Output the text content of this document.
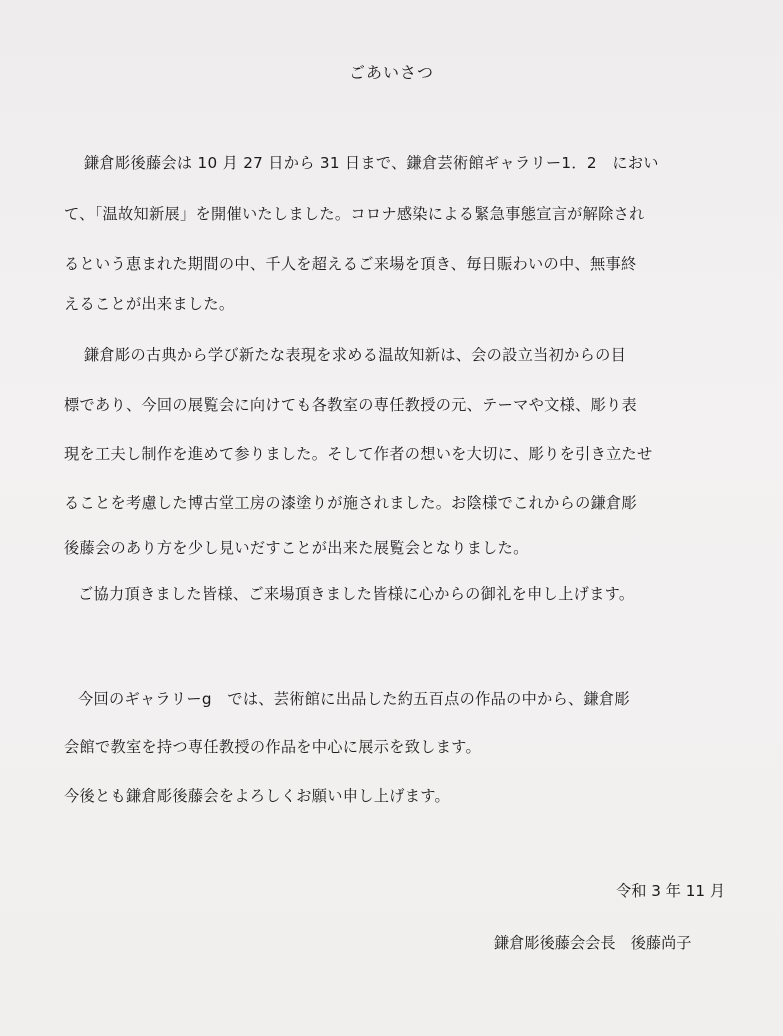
ごあいさつ
鎌倉彫後藤会は 10 月 27 日から 31 日まで、鎌倉芸術館ギャラリー1．2　におい
て、「温故知新展」を開催いたしました。コロナ感染による緊急事態宣言が解除され
るという恵まれた期間の中、千人を超えるご来場を頂き、毎日賑わいの中、無事終
えることが出来ました。
鎌倉彫の古典から学び新たな表現を求める温故知新は、会の設立当初からの目
標であり、今回の展覧会に向けても各教室の専任教授の元、テーマや文様、彫り表
現を工夫し制作を進めて参りました。そして作者の想いを大切に、彫りを引き立たせ
ることを考慮した博古堂工房の漆塗りが施されました。お陰様でこれからの鎌倉彫
後藤会のあり方を少し見いだすことが出来た展覧会となりました。
ご協力頂きました皆様、ご来場頂きました皆様に心からの御礼を申し上げます。
今回のギャラリーg　では、芸術館に出品した約五百点の作品の中から、鎌倉彫
会館で教室を持つ専任教授の作品を中心に展示を致します。
今後とも鎌倉彫後藤会をよろしくお願い申し上げます。
令和 3 年 11 月
鎌倉彫後藤会会長　後藤尚子
